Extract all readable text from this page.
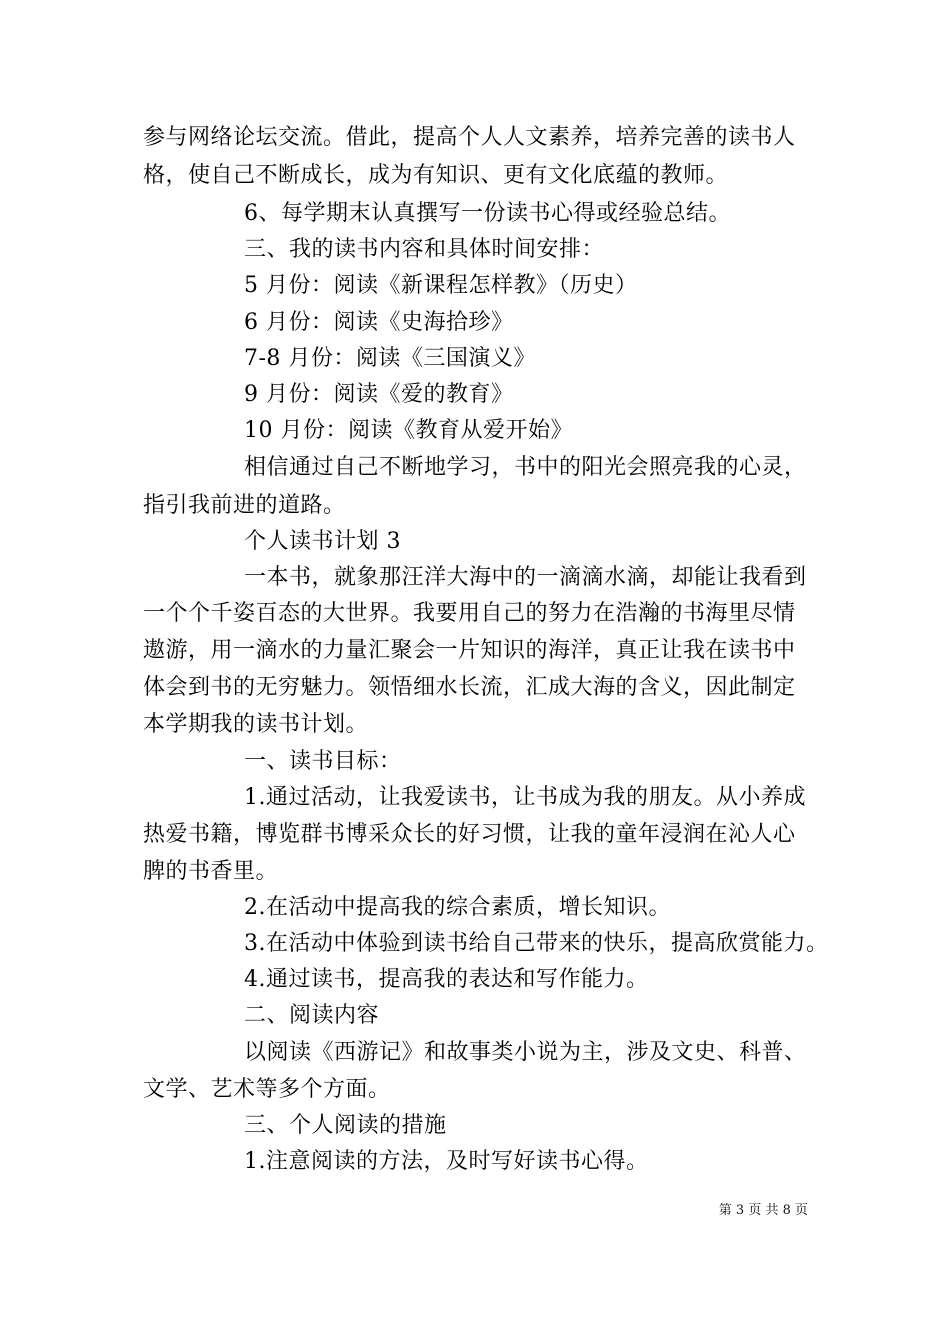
参与网络论坛交流。借此，提高个人人文素养，培养完善的读书人
格，使自己不断成长，成为有知识、更有文化底蕴的教师。
6、每学期末认真撰写一份读书心得或经验总结。
三、我的读书内容和具体时间安排：
5 月份：阅读《新课程怎样教》（历史）
6 月份：阅读《史海拾珍》
7-8 月份：阅读《三国演义》
9 月份：阅读《爱的教育》
10 月份：阅读《教育从爱开始》
相信通过自己不断地学习，书中的阳光会照亮我的心灵，
指引我前进的道路。
个人读书计划 3
一本书，就象那汪洋大海中的一滴滴水滴，却能让我看到
一个个千姿百态的大世界。我要用自己的努力在浩瀚的书海里尽情
遨游，用一滴水的力量汇聚会一片知识的海洋，真正让我在读书中
体会到书的无穷魅力。领悟细水长流，汇成大海的含义，因此制定
本学期我的读书计划。
一、读书目标：
1.通过活动，让我爱读书，让书成为我的朋友。从小养成
热爱书籍，博览群书博采众长的好习惯，让我的童年浸润在沁人心
脾的书香里。
2.在活动中提高我的综合素质，增长知识。
3.在活动中体验到读书给自己带来的快乐，提高欣赏能力。
4.通过读书，提高我的表达和写作能力。
二、阅读内容
以阅读《西游记》和故事类小说为主，涉及文史、科普、
文学、艺术等多个方面。
三、个人阅读的措施
1.注意阅读的方法，及时写好读书心得。
第 3 页 共 8 页
